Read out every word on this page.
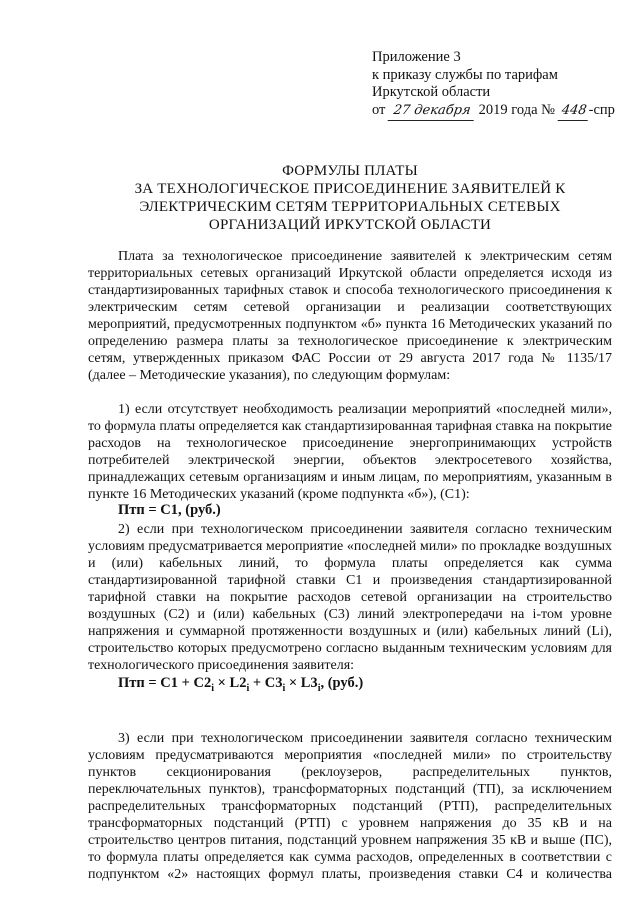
Приложение 3
к приказу службы по тарифам
Иркутской области
от 27 декабря 2019 года № 448-спр
ФОРМУЛЫ ПЛАТЫ
ЗА ТЕХНОЛОГИЧЕСКОЕ ПРИСОЕДИНЕНИЕ ЗАЯВИТЕЛЕЙ К
ЭЛЕКТРИЧЕСКИМ СЕТЯМ ТЕРРИТОРИАЛЬНЫХ СЕТЕВЫХ
ОРГАНИЗАЦИЙ ИРКУТСКОЙ ОБЛАСТИ
Плата за технологическое присоединение заявителей к электрическим сетям
территориальных сетевых организаций Иркутской области определяется исходя из
стандартизированных тарифных ставок и способа технологического присоединения к
электрическим сетям сетевой организации и реализации соответствующих
мероприятий, предусмотренных подпунктом «б» пункта 16 Методических указаний по
определению размера платы за технологическое присоединение к электрическим
сетям, утвержденных приказом ФАС России от 29 августа 2017 года № 1135/17
(далее – Методические указания), по следующим формулам:
1) если отсутствует необходимость реализации мероприятий «последней мили»,
то формула платы определяется как стандартизированная тарифная ставка на покрытие
расходов на технологическое присоединение энергопринимающих устройств
потребителей электрической энергии, объектов электросетевого хозяйства,
принадлежащих сетевым организациям и иным лицам, по мероприятиям, указанным в
пункте 16 Методических указаний (кроме подпункта «б»), (C1):
Птп = С1, (руб.)
2) если при технологическом присоединении заявителя согласно техническим
условиям предусматривается мероприятие «последней мили» по прокладке воздушных
и (или) кабельных линий, то формула платы определяется как сумма
стандартизированной тарифной ставки С1 и произведения стандартизированной
тарифной ставки на покрытие расходов сетевой организации на строительство
воздушных (С2) и (или) кабельных (С3) линий электропередачи на i-том уровне
напряжения и суммарной протяженности воздушных и (или) кабельных линий (Li),
строительство которых предусмотрено согласно выданным техническим условиям для
технологического присоединения заявителя:
Птп = $С1 + С2_i \times L2_i + С3_i \times L3_i$, (руб.)
3) если при технологическом присоединении заявителя согласно техническим
условиям предусматриваются мероприятия «последней мили» по строительству
пунктов секционирования (реклоузеров, распределительных пунктов,
переключательных пунктов), трансформаторных подстанций (ТП), за исключением
распределительных трансформаторных подстанций (РТП), распределительных
трансформаторных подстанций (РТП) с уровнем напряжения до 35 кВ и на
строительство центров питания, подстанций уровнем напряжения 35 кВ и выше (ПС),
то формула платы определяется как сумма расходов, определенных в соответствии с
подпунктом «2» настоящих формул платы, произведения ставки С4 и количества
